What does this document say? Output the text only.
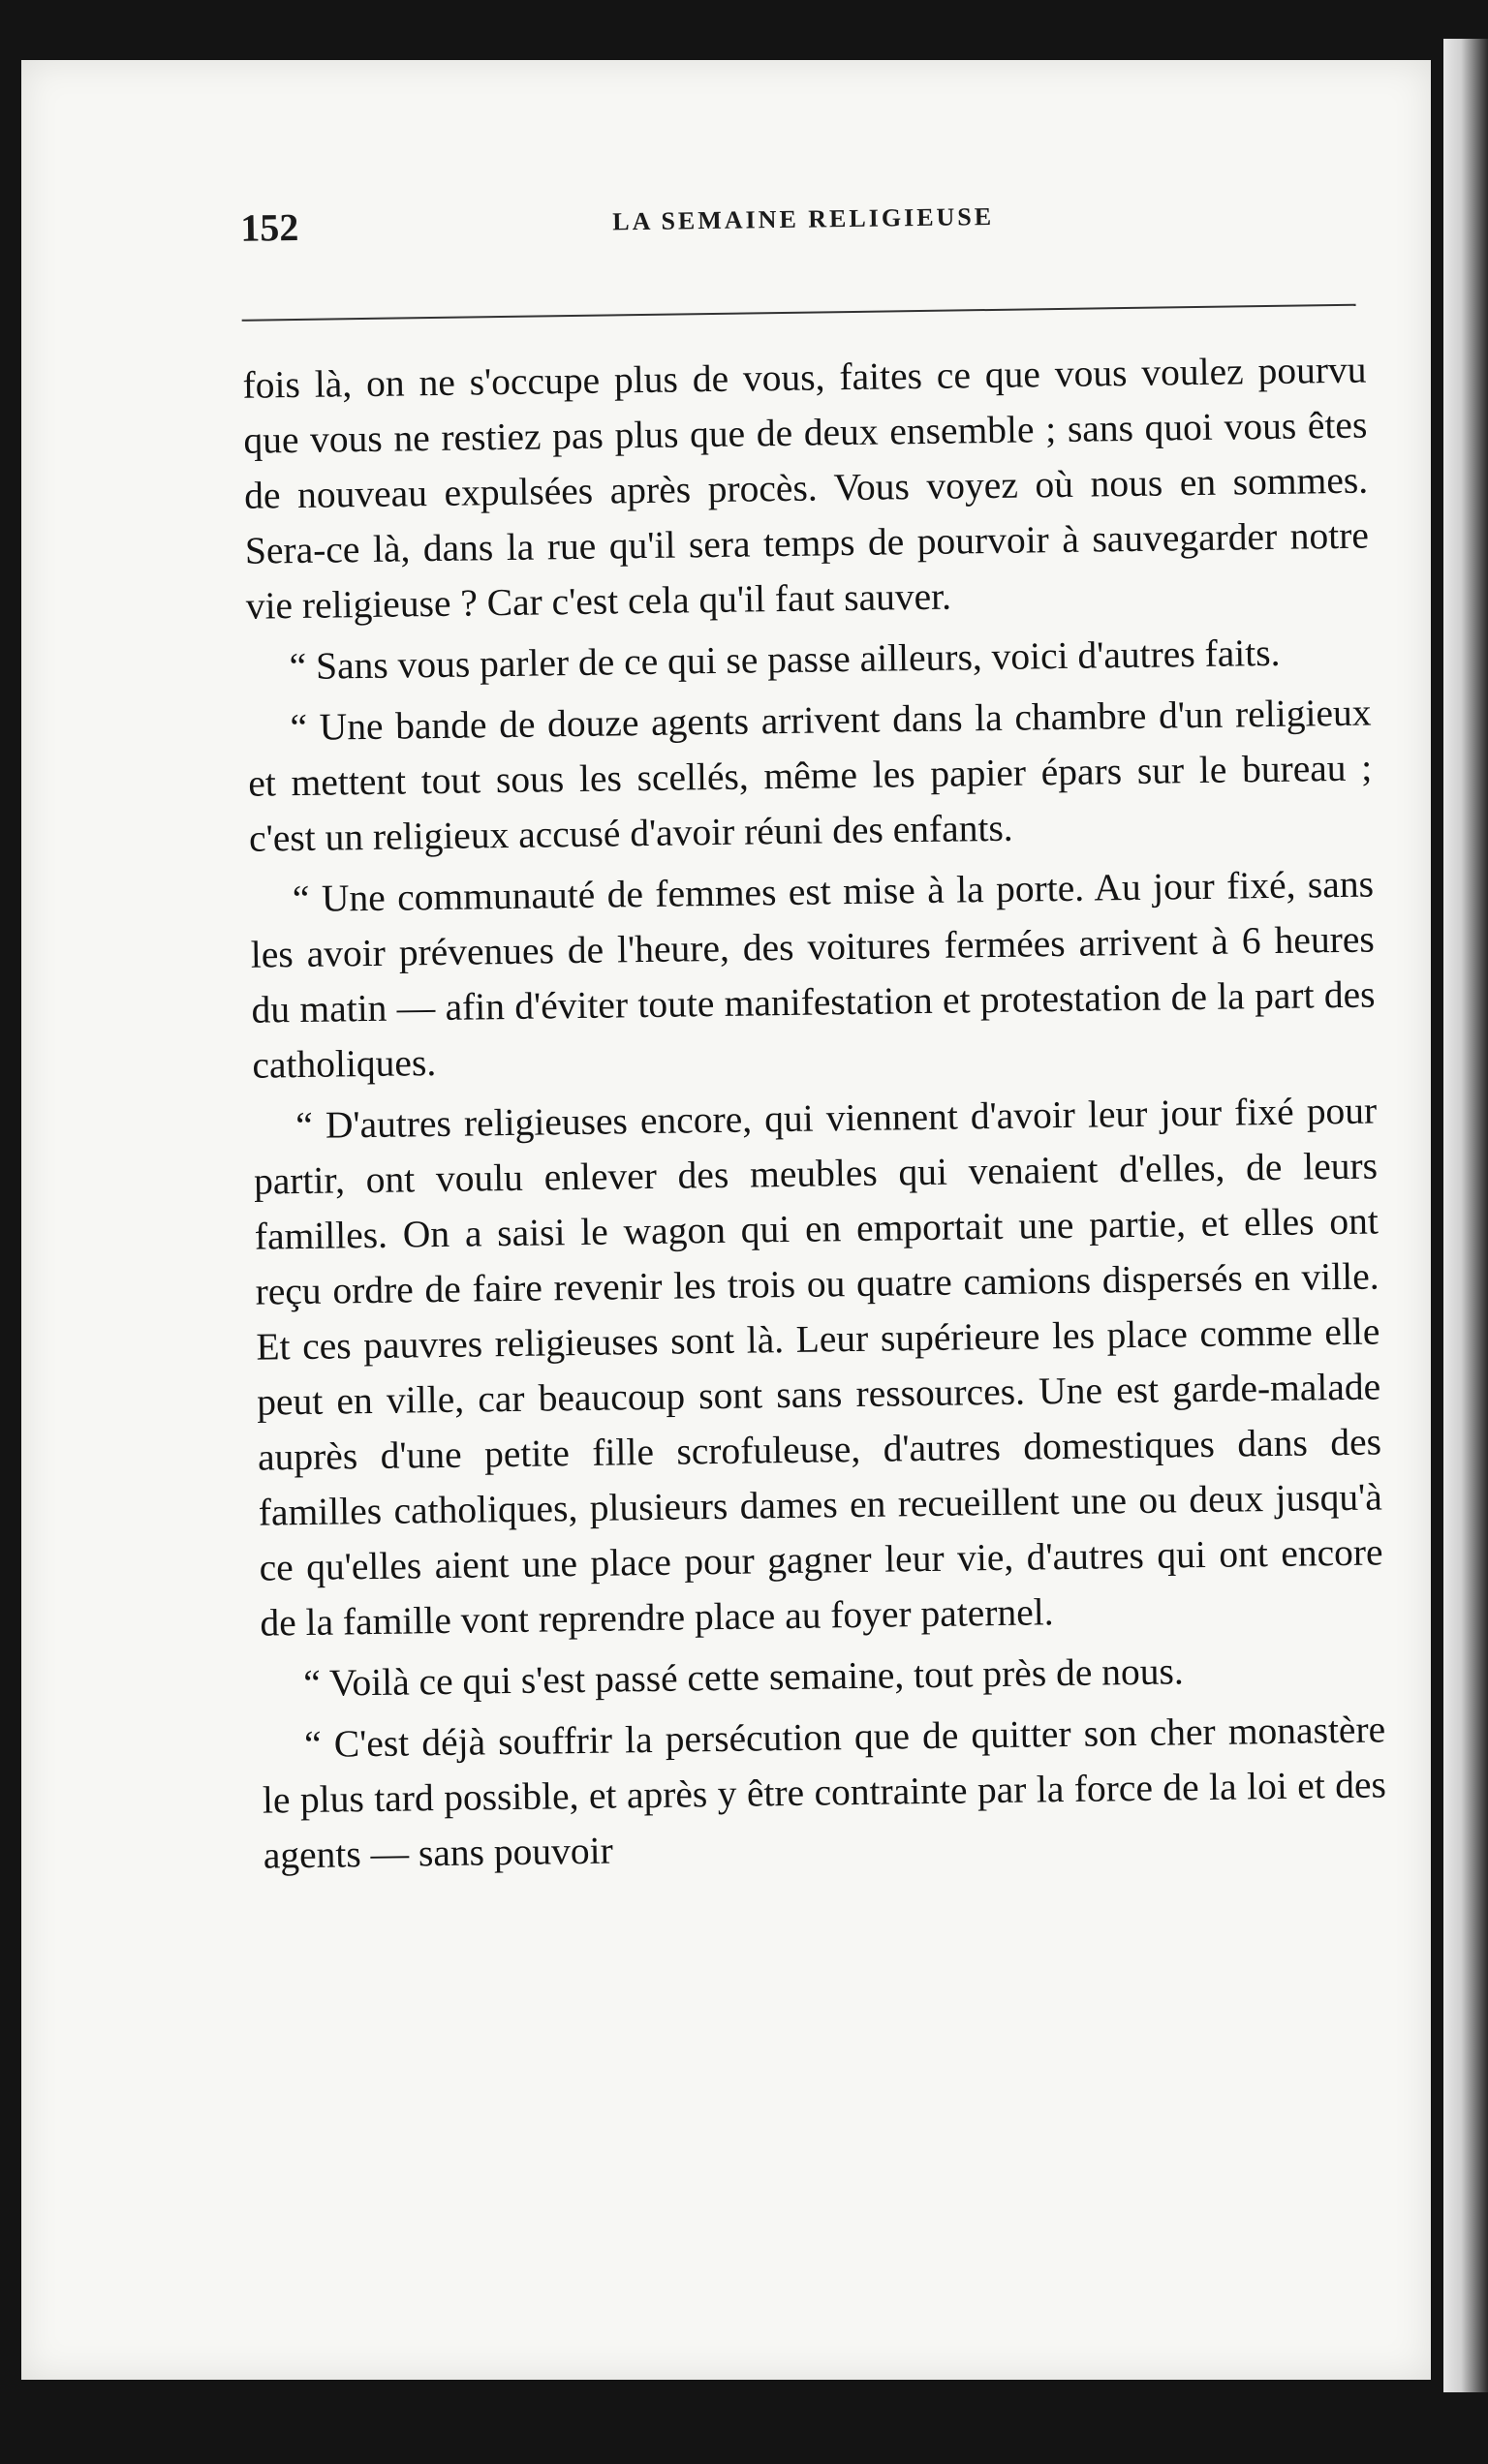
152	LA SEMAINE RELIGIEUSE

fois là, on ne s'occupe plus de vous, faites ce que vous voulez pourvu que vous ne restiez pas plus que de deux ensemble ; sans quoi vous êtes de nouveau expulsées après procès. Vous voyez où nous en sommes. Sera-ce là, dans la rue qu'il sera temps de pourvoir à sauvegarder notre vie religieuse ? Car c'est cela qu'il faut sauver.

“ Sans vous parler de ce qui se passe ailleurs, voici d'autres faits.

“ Une bande de douze agents arrivent dans la chambre d'un religieux et mettent tout sous les scellés, même les papier épars sur le bureau ; c'est un religieux accusé d'avoir réuni des enfants.

“ Une communauté de femmes est mise à la porte. Au jour fixé, sans les avoir prévenues de l'heure, des voitures fermées arrivent à 6 heures du matin — afin d'éviter toute manifestation et protestation de la part des catholiques.

“ D'autres religieuses encore, qui viennent d'avoir leur jour fixé pour partir, ont voulu enlever des meubles qui venaient d'elles, de leurs familles. On a saisi le wagon qui en emportait une partie, et elles ont reçu ordre de faire revenir les trois ou quatre camions dispersés en ville. Et ces pauvres religieuses sont là. Leur supérieure les place comme elle peut en ville, car beaucoup sont sans ressources. Une est garde-malade auprès d'une petite fille scrofuleuse, d'autres domestiques dans des familles catholiques, plusieurs dames en recueillent une ou deux jusqu'à ce qu'elles aient une place pour gagner leur vie, d'autres qui ont encore de la famille vont reprendre place au foyer paternel.

“ Voilà ce qui s'est passé cette semaine, tout près de nous.

“ C'est déjà souffrir la persécution que de quitter son cher monastère le plus tard possible, et après y être contrainte par la force de la loi et des agents — sans pouvoir
